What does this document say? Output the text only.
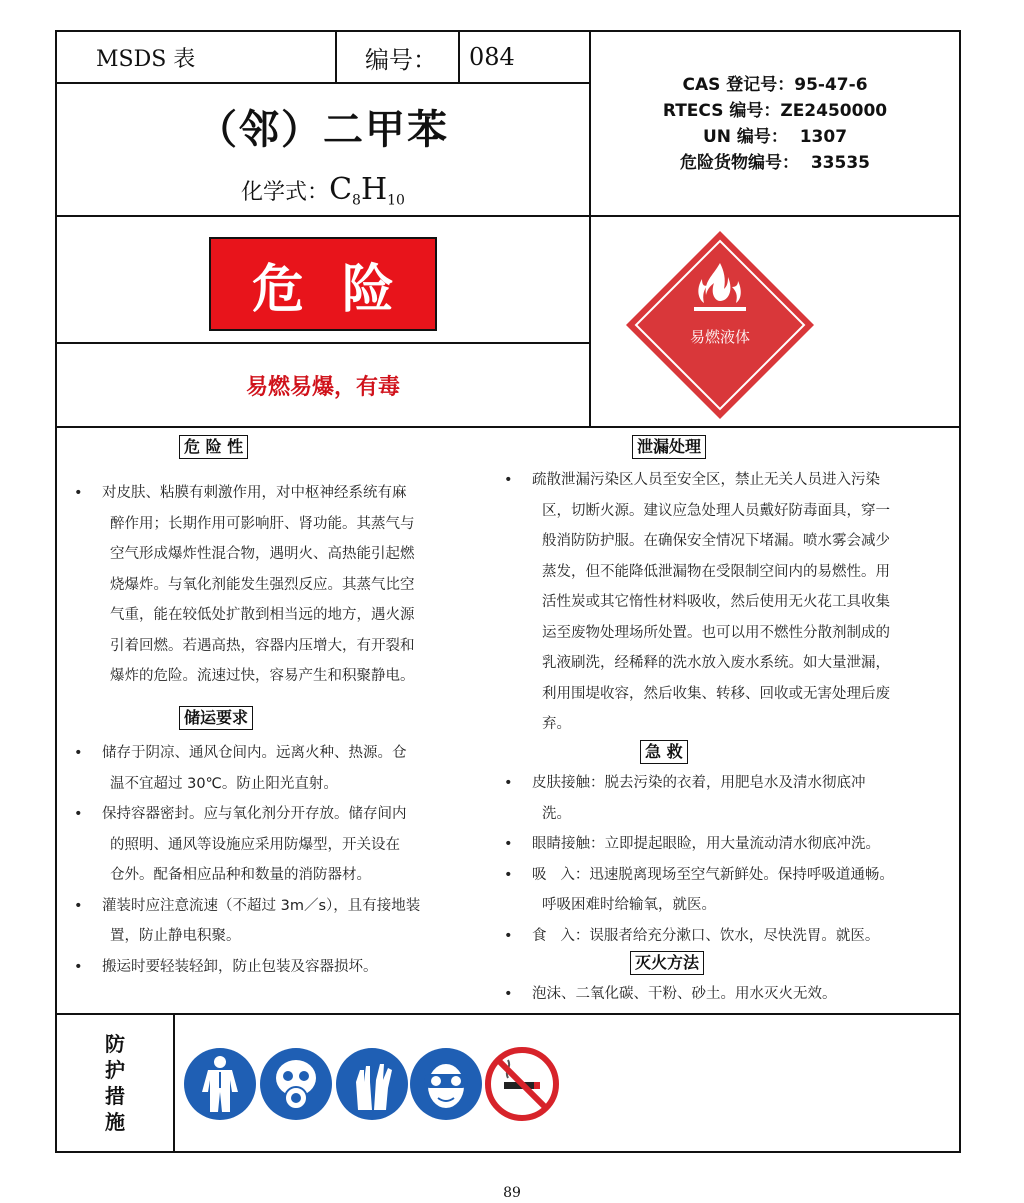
MSDS 表	编号： 084
（邻）二甲苯
化学式：$C_8H_{10}$
CAS 登记号：95-47-6
RTECS 编号：ZE2450000
UN 编号：  1307
危险货物编号：  33535
危险
易燃易爆，有毒
易燃液体
危 险 性
• 对皮肤、粘膜有刺激作用，对中枢神经系统有麻
醉作用；长期作用可影响肝、肾功能。其蒸气与
空气形成爆炸性混合物，遇明火、高热能引起燃
烧爆炸。与氧化剂能发生强烈反应。其蒸气比空
气重，能在较低处扩散到相当远的地方，遇火源
引着回燃。若遇高热，容器内压增大，有开裂和
爆炸的危险。流速过快，容易产生和积聚静电。
储运要求
• 储存于阴凉、通风仓间内。远离火种、热源。仓
温不宜超过 30℃。防止阳光直射。
• 保持容器密封。应与氧化剂分开存放。储存间内
的照明、通风等设施应采用防爆型，开关设在
仓外。配备相应品种和数量的消防器材。
• 灌装时应注意流速（不超过 3m／s），且有接地装
置，防止静电积聚。
• 搬运时要轻装轻卸，防止包装及容器损坏。
泄漏处理
• 疏散泄漏污染区人员至安全区，禁止无关人员进入污染
区，切断火源。建议应急处理人员戴好防毒面具，穿一
般消防防护服。在确保安全情况下堵漏。喷水雾会减少
蒸发，但不能降低泄漏物在受限制空间内的易燃性。用
活性炭或其它惰性材料吸收，然后使用无火花工具收集
运至废物处理场所处置。也可以用不燃性分散剂制成的
乳液刷洗，经稀释的洗水放入废水系统。如大量泄漏，
利用围堤收容，然后收集、转移、回收或无害处理后废
弃。
急 救
• 皮肤接触：脱去污染的衣着，用肥皂水及清水彻底冲
洗。
• 眼睛接触：立即提起眼睑，用大量流动清水彻底冲洗。
• 吸   入：迅速脱离现场至空气新鲜处。保持呼吸道通畅。
呼吸困难时给输氧，就医。
• 食   入：误服者给充分漱口、饮水，尽快洗胃。就医。
灭火方法
• 泡沫、二氧化碳、干粉、砂土。用水灭火无效。
防
护
措
施
89
